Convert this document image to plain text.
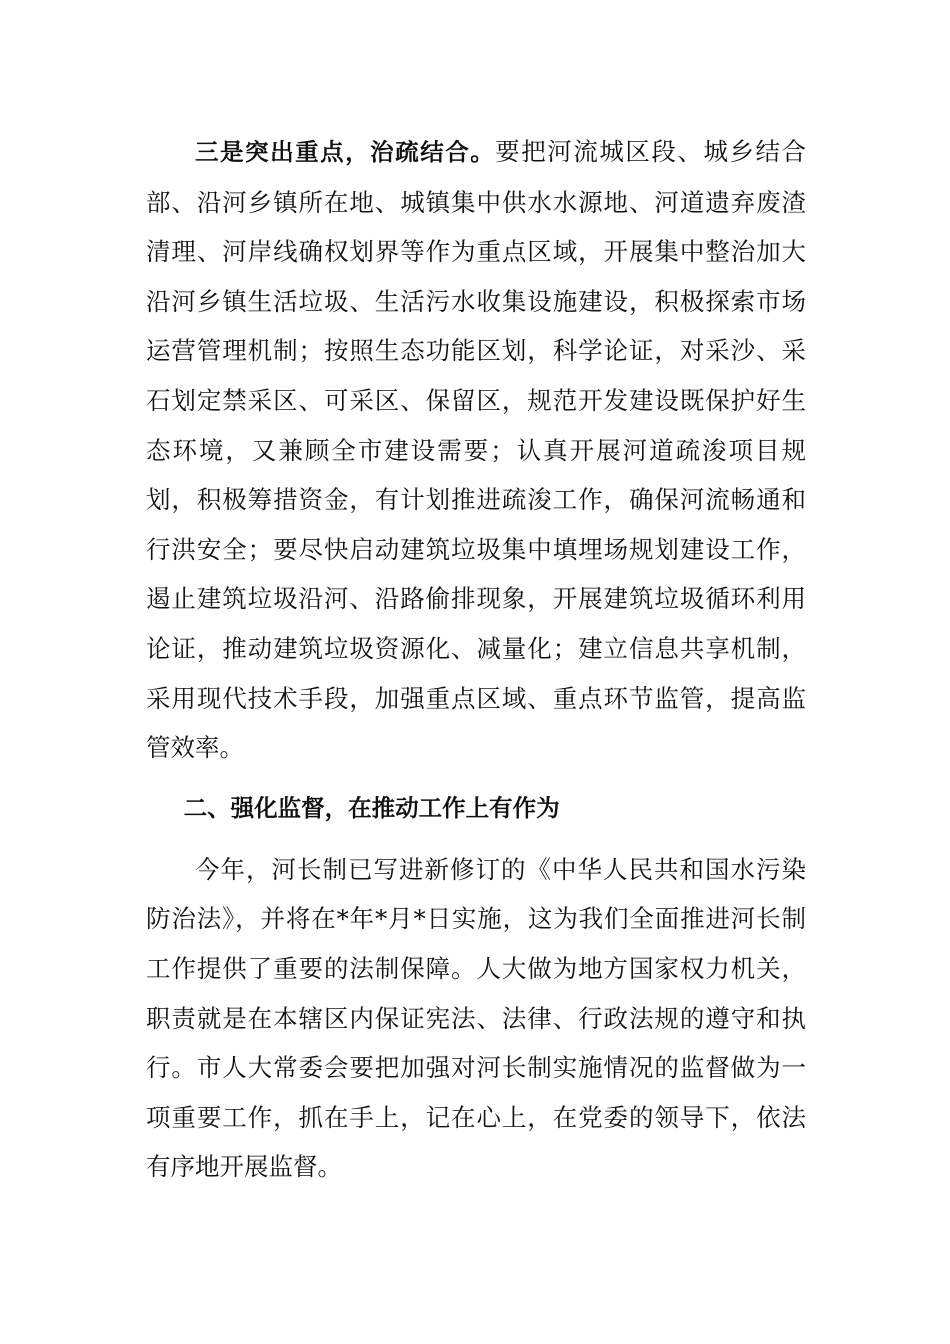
三是突出重点，治疏结合。要把河流城区段、城乡结合部、沿河乡镇所在地、城镇集中供水水源地、河道遗弃废渣清理、河岸线确权划界等作为重点区域，开展集中整治加大沿河乡镇生活垃圾、生活污水收集设施建设，积极探索市场运营管理机制；按照生态功能区划，科学论证，对采沙、采石划定禁采区、可采区、保留区，规范开发建设既保护好生态环境，又兼顾全市建设需要；认真开展河道疏浚项目规划，积极筹措资金，有计划推进疏浚工作，确保河流畅通和行洪安全；要尽快启动建筑垃圾集中填埋场规划建设工作，遏止建筑垃圾沿河、沿路偷排现象，开展建筑垃圾循环利用论证，推动建筑垃圾资源化、减量化；建立信息共享机制，采用现代技术手段，加强重点区域、重点环节监管，提高监管效率。

二、强化监督，在推动工作上有作为

今年，河长制已写进新修订的《中华人民共和国水污染防治法》，并将在*年*月*日实施，这为我们全面推进河长制工作提供了重要的法制保障。人大做为地方国家权力机关，职责就是在本辖区内保证宪法、法律、行政法规的遵守和执行。市人大常委会要把加强对河长制实施情况的监督做为一项重要工作，抓在手上，记在心上，在党委的领导下，依法有序地开展监督。
